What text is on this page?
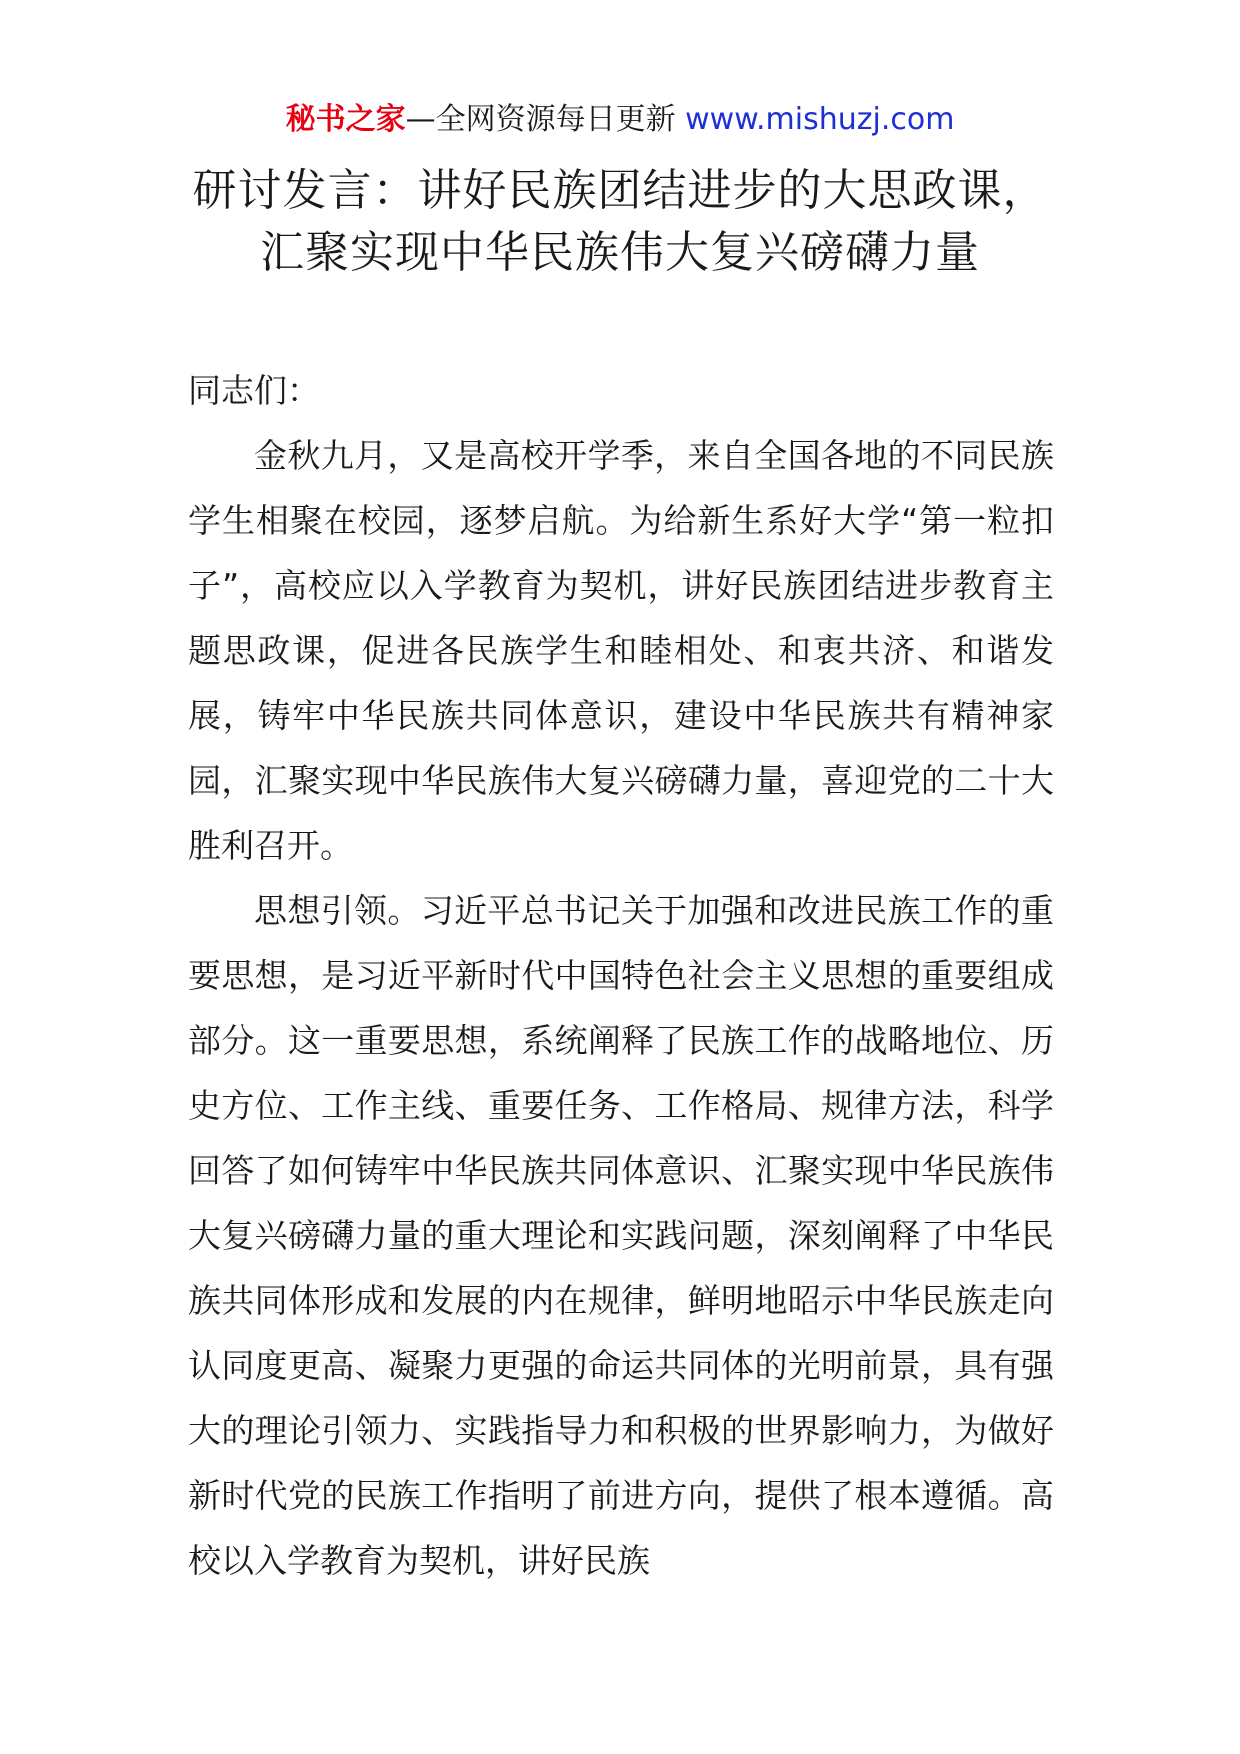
秘书之家—全网资源每日更新 www.mishuzj.com
研讨发言：讲好民族团结进步的大思政课，汇聚实现中华民族伟大复兴磅礴力量

同志们：

金秋九月，又是高校开学季，来自全国各地的不同民族学生相聚在校园，逐梦启航。为给新生系好大学“第一粒扣子”，高校应以入学教育为契机，讲好民族团结进步教育主题思政课，促进各民族学生和睦相处、和衷共济、和谐发展，铸牢中华民族共同体意识，建设中华民族共有精神家园，汇聚实现中华民族伟大复兴磅礴力量，喜迎党的二十大胜利召开。

思想引领。习近平总书记关于加强和改进民族工作的重要思想，是习近平新时代中国特色社会主义思想的重要组成部分。这一重要思想，系统阐释了民族工作的战略地位、历史方位、工作主线、重要任务、工作格局、规律方法，科学回答了如何铸牢中华民族共同体意识、汇聚实现中华民族伟大复兴磅礴力量的重大理论和实践问题，深刻阐释了中华民族共同体形成和发展的内在规律，鲜明地昭示中华民族走向认同度更高、凝聚力更强的命运共同体的光明前景，具有强大的理论引领力、实践指导力和积极的世界影响力，为做好新时代党的民族工作指明了前进方向，提供了根本遵循。高校以入学教育为契机，讲好民族
